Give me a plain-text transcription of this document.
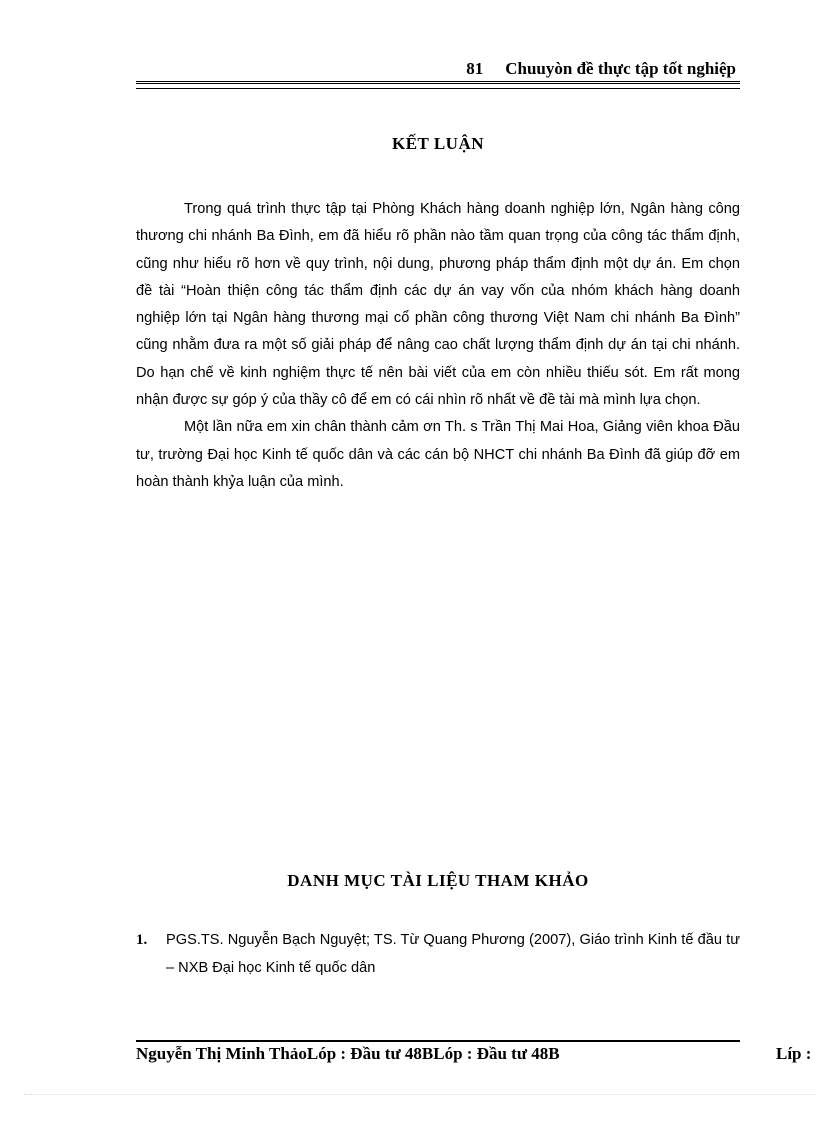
81 Chuuyòn đề thực tập tốt nghiệp
KẾT LUẬN

Trong quá trình thực tập tại Phòng Khách hàng doanh nghiệp lớn, Ngân hàng công thương chi nhánh Ba Đình, em đã hiểu rõ phần nào tầm quan trọng của công tác thẩm định, cũng như hiểu rõ hơn về quy trình, nội dung, phương pháp thẩm định một dự án. Em chọn đề tài “Hoàn thiện công tác thẩm định các dự án vay vốn của nhóm khách hàng doanh nghiệp lớn tại Ngân hàng thương mại cổ phần công thương Việt Nam chi nhánh Ba Đình” cũng nhằm đưa ra một số giải pháp để nâng cao chất lượng thẩm định dự án tại chi nhánh. Do hạn chế về kinh nghiệm thực tế nên bài viết của em còn nhiều thiếu sót. Em rất mong nhận được sự góp ý của thầy cô để em có cái nhìn rõ nhất về đề tài mà mình lựa chọn.

Một lần nữa em xin chân thành cảm ơn Th. s Trần Thị Mai Hoa, Giảng viên khoa Đầu tư, trường Đại học Kinh tế quốc dân và các cán bộ NHCT chi nhánh Ba Đình đã giúp đỡ em hoàn thành khỷa luận của mình.

DANH MỤC TÀI LIỆU THAM KHẢO
1.	PGS.TS. Nguyễn Bạch Nguyệt; TS. Từ Quang Phương (2007), Giáo trình Kinh tế đầu tư – NXB Đại học Kinh tế quốc dân
Nguyễn Thị Minh ThảoLóp : Đầu tư 48BLóp : Đầu tư 48B	Líp :
